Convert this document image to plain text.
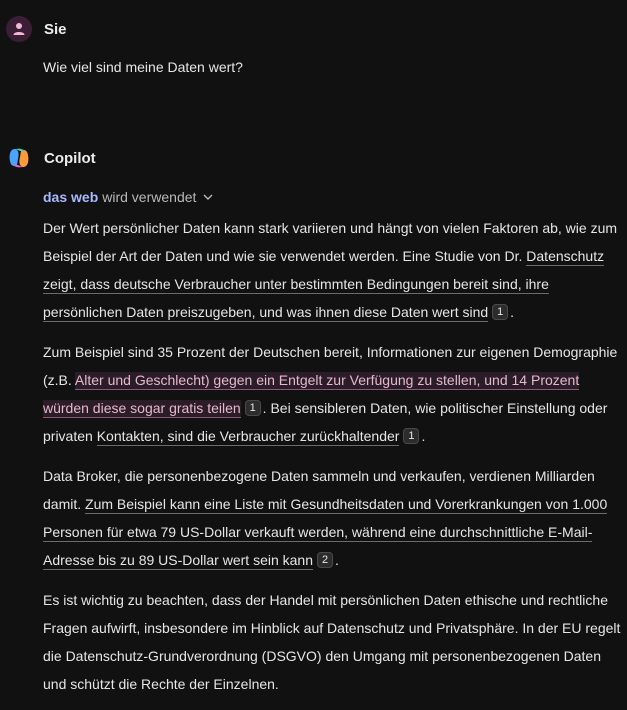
Sie
Wie viel sind meine Daten wert?
Copilot
das web wird verwendet

Der Wert persönlicher Daten kann stark variieren und hängt von vielen Faktoren ab, wie zum Beispiel der Art der Daten und wie sie verwendet werden. Eine Studie von Dr. Datenschutz zeigt, dass deutsche Verbraucher unter bestimmten Bedingungen bereit sind, ihre persönlichen Daten preiszugeben, und was ihnen diese Daten wert sind 1 .

Zum Beispiel sind 35 Prozent der Deutschen bereit, Informationen zur eigenen Demographie (z.B. Alter und Geschlecht) gegen ein Entgelt zur Verfügung zu stellen, und 14 Prozent würden diese sogar gratis teilen 1 . Bei sensibleren Daten, wie politischer Einstellung oder privaten Kontakten, sind die Verbraucher zurückhaltender 1 .

Data Broker, die personenbezogene Daten sammeln und verkaufen, verdienen Milliarden damit. Zum Beispiel kann eine Liste mit Gesundheitsdaten und Vorerkrankungen von 1.000 Personen für etwa 79 US-Dollar verkauft werden, während eine durchschnittliche E-Mail-Adresse bis zu 89 US-Dollar wert sein kann 2 .

Es ist wichtig zu beachten, dass der Handel mit persönlichen Daten ethische und rechtliche Fragen aufwirft, insbesondere im Hinblick auf Datenschutz und Privatsphäre. In der EU regelt die Datenschutz-Grundverordnung (DSGVO) den Umgang mit personenbezogenen Daten und schützt die Rechte der Einzelnen.
